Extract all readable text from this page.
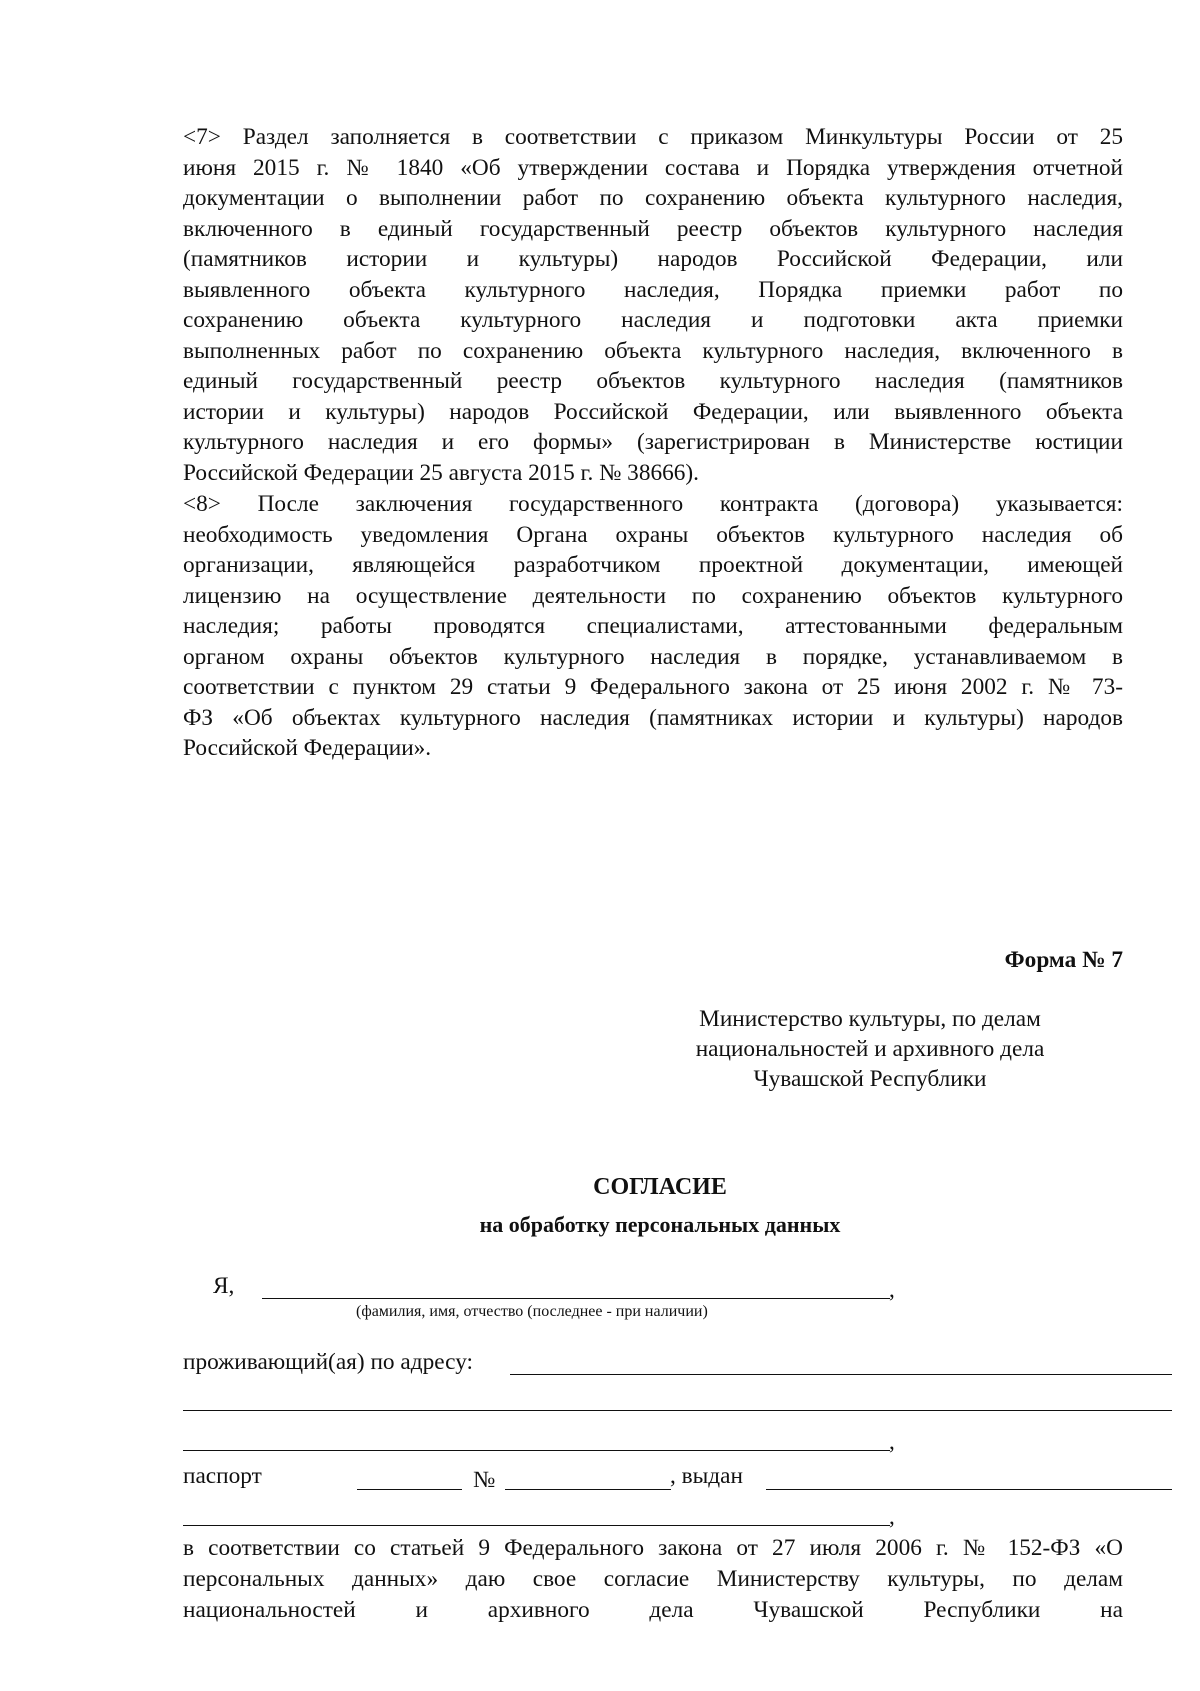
<7> Раздел заполняется в соответствии с приказом Минкультуры России от 25
июня 2015 г. № 1840 «Об утверждении состава и Порядка утверждения отчетной
документации о выполнении работ по сохранению объекта культурного наследия,
включенного в единый государственный реестр объектов культурного наследия
(памятников истории и культуры) народов Российской Федерации, или
выявленного объекта культурного наследия, Порядка приемки работ по
сохранению объекта культурного наследия и подготовки акта приемки
выполненных работ по сохранению объекта культурного наследия, включенного в
единый государственный реестр объектов культурного наследия (памятников
истории и культуры) народов Российской Федерации, или выявленного объекта
культурного наследия и его формы» (зарегистрирован в Министерстве юстиции
Российской Федерации 25 августа 2015 г. № 38666).
<8> После заключения государственного контракта (договора) указывается:
необходимость уведомления Органа охраны объектов культурного наследия об
организации, являющейся разработчиком проектной документации, имеющей
лицензию на осуществление деятельности по сохранению объектов культурного
наследия; работы проводятся специалистами, аттестованными федеральным
органом охраны объектов культурного наследия в порядке, устанавливаемом в
соответствии с пунктом 29 статьи 9 Федерального закона от 25 июня 2002 г. № 73-
ФЗ «Об объектах культурного наследия (памятниках истории и культуры) народов
Российской Федерации».
Форма № 7
Министерство культуры, по делам
национальностей и архивного дела
Чувашской Республики
СОГЛАСИЕ
на обработку персональных данных
Я,	,
(фамилия, имя, отчество (последнее - при наличии)
проживающий(ая) по адресу:
,
паспорт	№	, выдан
,
в соответствии со статьей 9 Федерального закона от 27 июля 2006 г. № 152-ФЗ «О
персональных данных» даю свое согласие Министерству культуры, по делам
национальностей и архивного дела Чувашской Республики на
